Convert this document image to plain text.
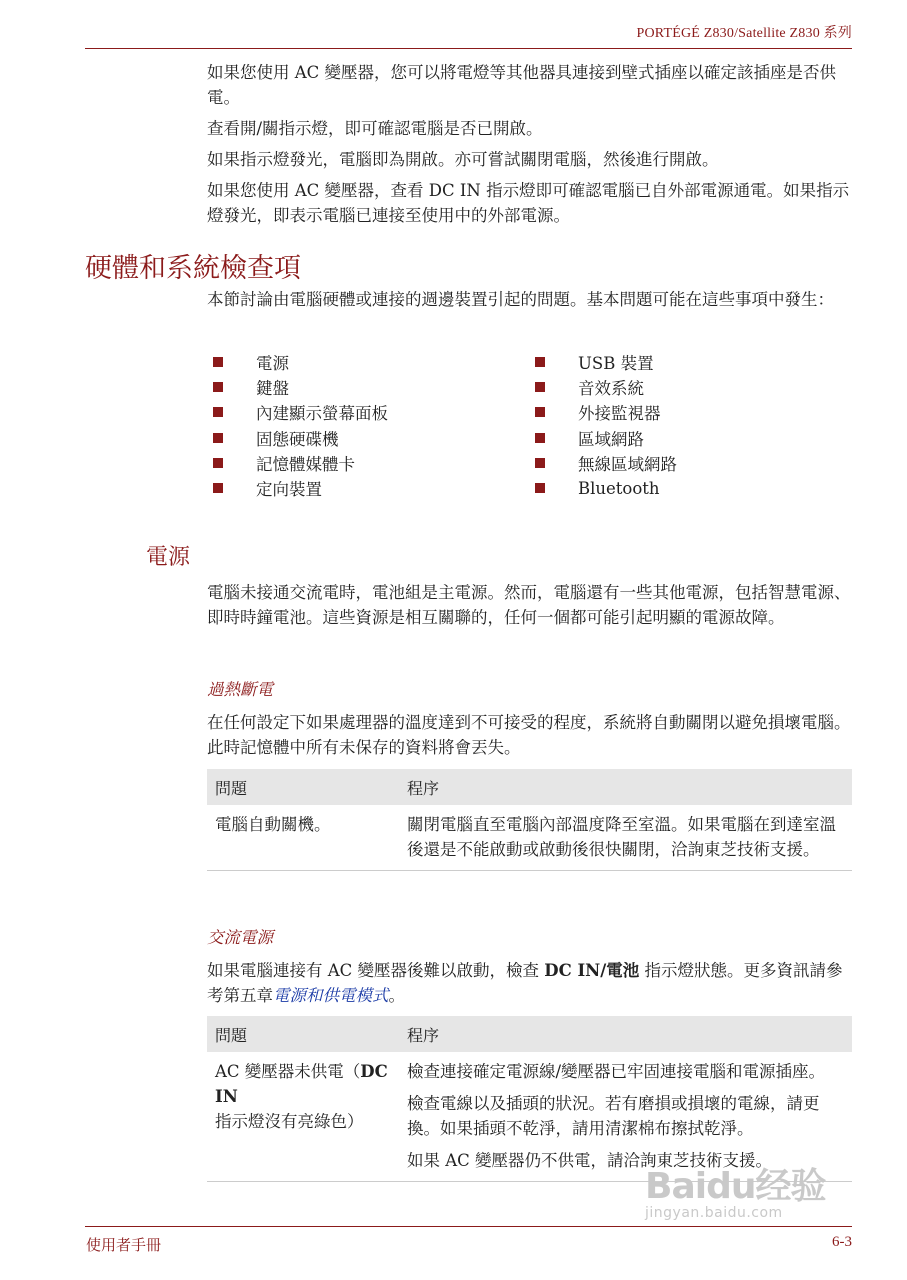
PORTÉGÉ Z830/Satellite Z830 系列

如果您使用 AC 變壓器，您可以將電燈等其他器具連接到壁式插座以確定該插座是否供電。

查看開/關指示燈，即可確認電腦是否已開啟。

如果指示燈發光，電腦即為開啟。亦可嘗試關閉電腦，然後進行開啟。

如果您使用 AC 變壓器，查看 DC IN 指示燈即可確認電腦已自外部電源通電。如果指示燈發光，即表示電腦已連接至使用中的外部電源。

硬體和系統檢查項

本節討論由電腦硬體或連接的週邊裝置引起的問題。基本問題可能在這些事項中發生：

電源
鍵盤
內建顯示螢幕面板
固態硬碟機
記憶體媒體卡
定向裝置
USB 裝置
音效系統
外接監視器
區域網路
無線區域網路
Bluetooth
電源

電腦未接通交流電時，電池組是主電源。然而，電腦還有一些其他電源，包括智慧電源、即時時鐘電池。這些資源是相互關聯的，任何一個都可能引起明顯的電源故障。

過熱斷電

在任何設定下如果處理器的溫度達到不可接受的程度，系統將自動關閉以避免損壞電腦。此時記憶體中所有未保存的資料將會丟失。

問題	程序
電腦自動關機。	關閉電腦直至電腦內部溫度降至室溫。如果電腦在到達室溫後還是不能啟動或啟動後很快關閉，洽詢東芝技術支援。
交流電源

如果電腦連接有 AC 變壓器後難以啟動，檢查 DC IN/電池 指示燈狀態。更多資訊請參考第五章電源和供電模式。

問題	程序
AC 變壓器未供電（DC IN 指示燈沒有亮綠色）	檢查連接確定電源線/變壓器已牢固連接電腦和電源插座。

檢查電線以及插頭的狀況。若有磨損或損壞的電線，請更換。如果插頭不乾淨，請用清潔棉布擦拭乾淨。

如果 AC 變壓器仍不供電，請洽詢東芝技術支援。

Baidu经验
jingyan.baidu.com
使用者手冊	6-3
